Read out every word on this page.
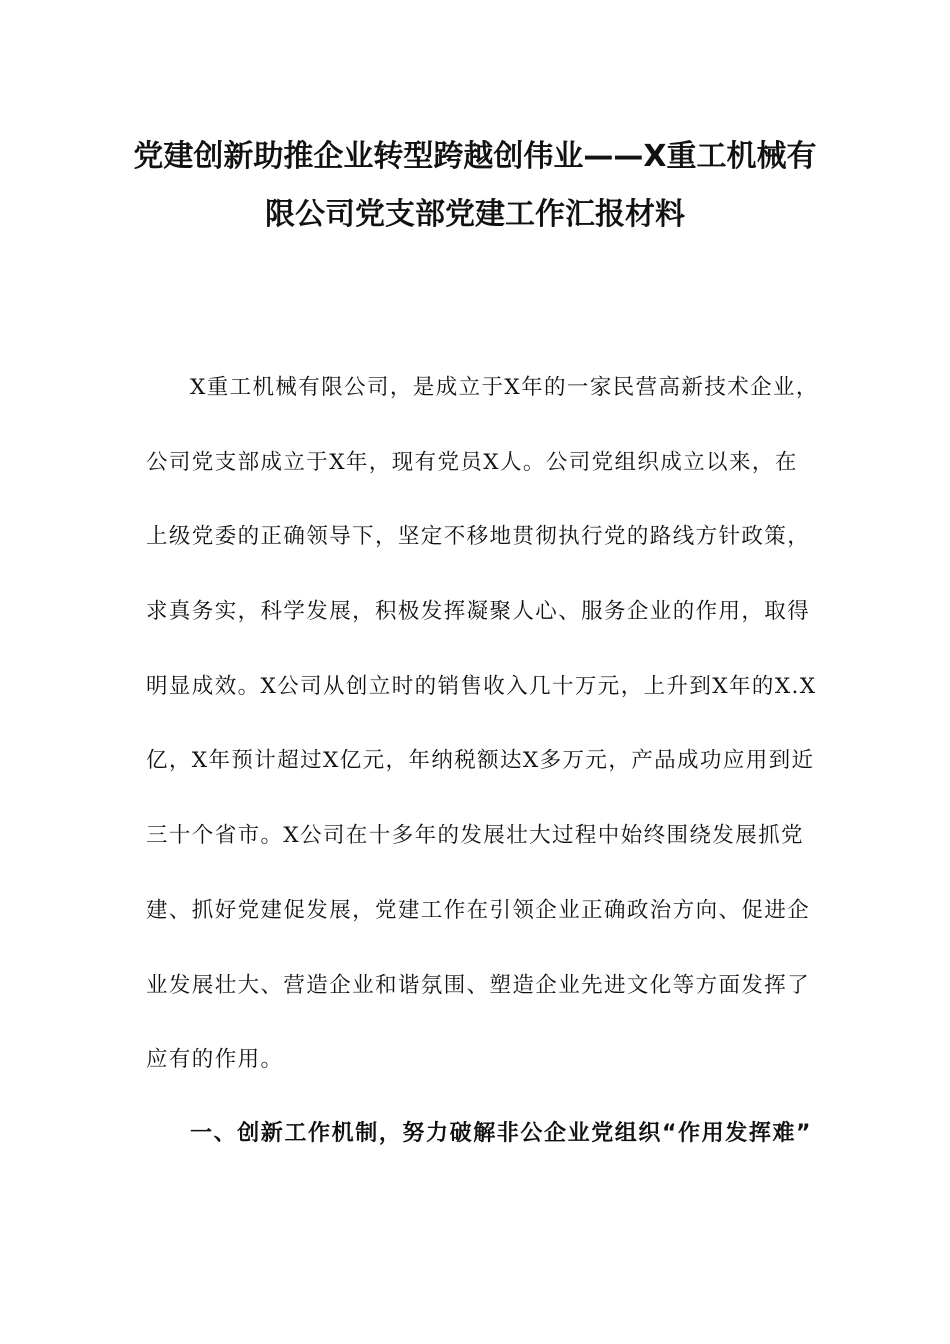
党建创新助推企业转型跨越创伟业——X重工机械有
限公司党支部党建工作汇报材料
X重工机械有限公司，是成立于X年的一家民营高新技术企业，
公司党支部成立于X年，现有党员X人。公司党组织成立以来，在
上级党委的正确领导下，坚定不移地贯彻执行党的路线方针政策，
求真务实，科学发展，积极发挥凝聚人心、服务企业的作用，取得
明显成效。X公司从创立时的销售收入几十万元，上升到X年的X.X
亿，X年预计超过X亿元，年纳税额达X多万元，产品成功应用到近
三十个省市。X公司在十多年的发展壮大过程中始终围绕发展抓党
建、抓好党建促发展，党建工作在引领企业正确政治方向、促进企
业发展壮大、营造企业和谐氛围、塑造企业先进文化等方面发挥了
应有的作用。
一、创新工作机制，努力破解非公企业党组织“作用发挥难”
